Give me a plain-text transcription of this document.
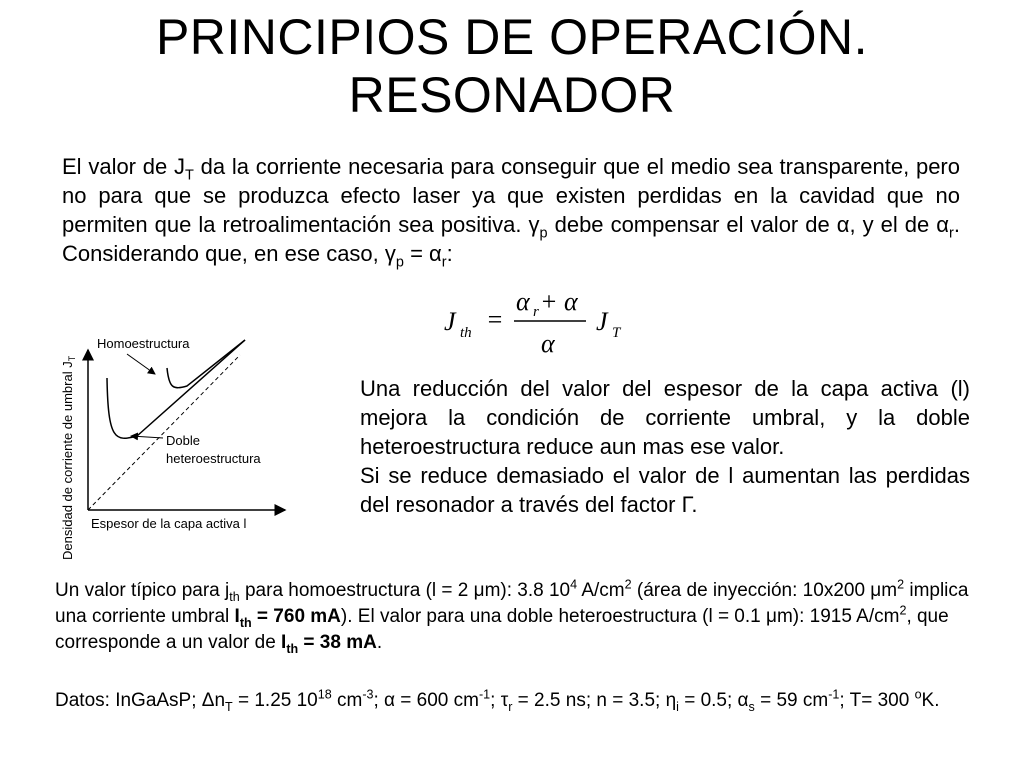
PRINCIPIOS DE OPERACIÓN.
RESONADOR
El valor de $J_T$ da la corriente necesaria para conseguir que el medio sea transparente, pero no para que se produzca efecto laser ya que existen perdidas en la cavidad que no permiten que la retroalimentación sea positiva. $\gamma_p$ debe compensar el valor de α, y el de $\alpha_r$. Considerando que, en ese caso, $\gamma_p = \alpha_r$:
J th =
α r + α
α
J T
Densidad de corriente de umbral $J_T$
Espesor de la capa activa l
Homoestructura
Doble
heteroestructura
Una reducción del valor del espesor de la capa activa (l) mejora la condición de corriente umbral, y la doble heteroestructura reduce aun mas ese valor.
Si se reduce demasiado el valor de l aumentan las perdidas del resonador a través del factor Γ.
Un valor típico para $j_{th}$ para homoestructura (l = 2 μm): 3.8 $10^4$ $A/cm^2$ (área de inyección: 10x200 $\mu m^2$ implica una corriente umbral $I_{th} = 760$ mA). El valor para una doble heteroestructura (l = 0.1 μm): 1915 $A/cm^2$, que corresponde a un valor de $I_{th} = 38$ mA.
Datos: InGaAsP; $\Delta n_T = 1.25$ $10^{18}$ $cm^{-3}$; α = 600 $cm^{-1}$; $\tau_r = 2.5$ ns; n = 3.5; $\eta_i = 0.5$; $\alpha_s = 59$ $cm^{-1}$; T= 300 $^o$K.
